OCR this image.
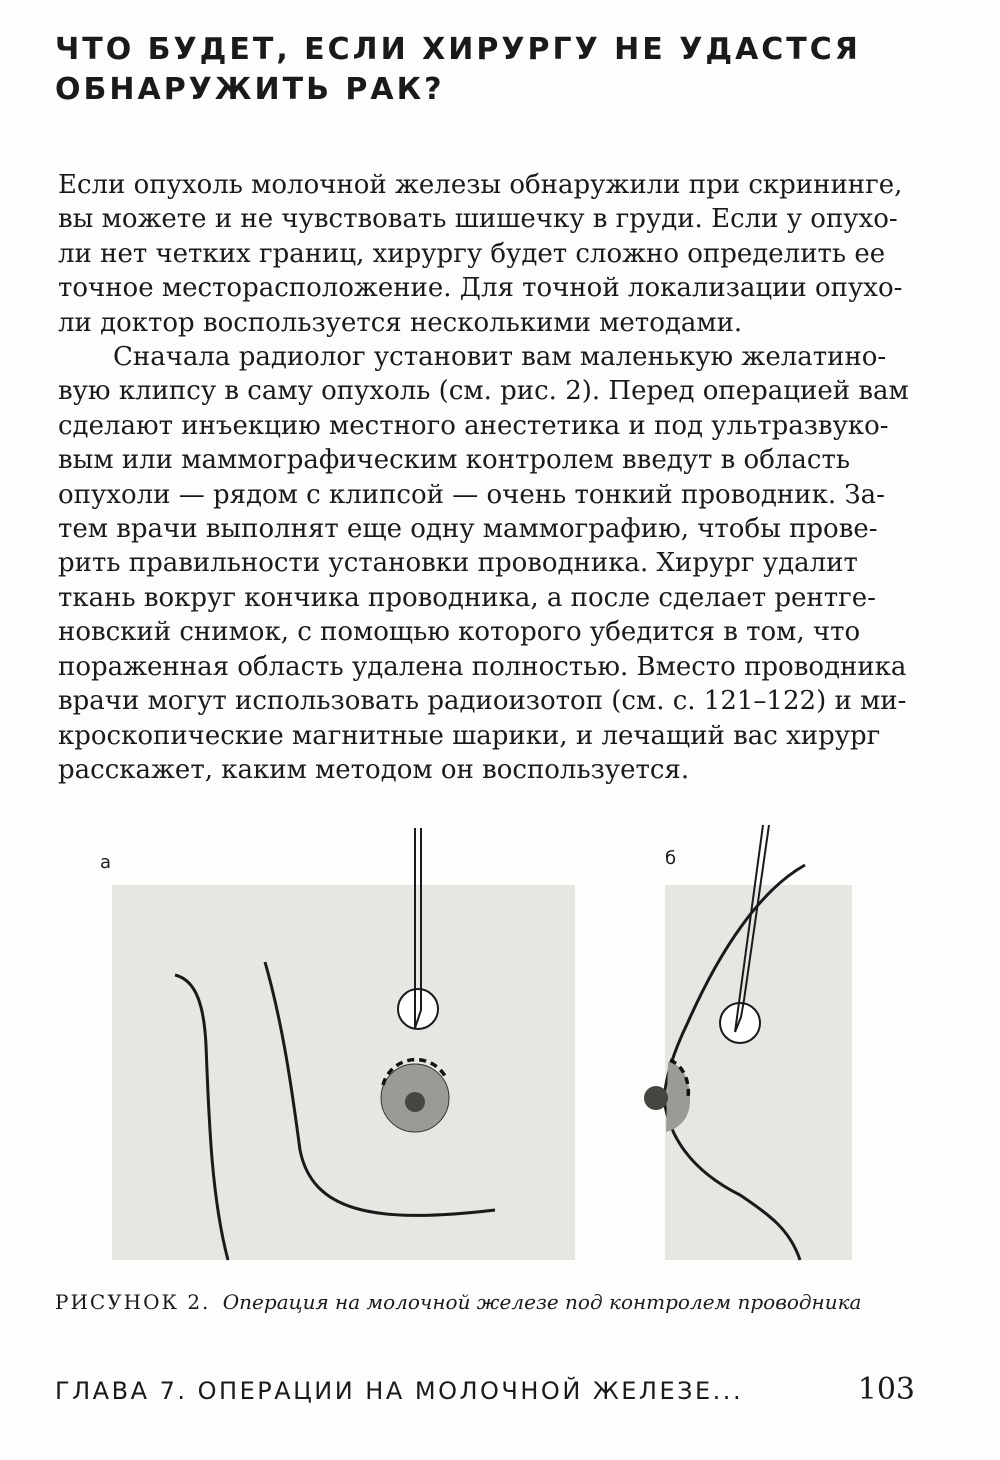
ЧТО БУДЕТ, ЕСЛИ ХИРУРГУ НЕ УДАСТСЯ
ОБНАРУЖИТЬ РАК?

Если опухоль молочной железы обнаружили при скрининге,
вы можете и не чувствовать шишечку в груди. Если у опухо-
ли нет четких границ, хирургу будет сложно определить ее
точное месторасположение. Для точной локализации опухо-
ли доктор воспользуется несколькими методами.

Сначала радиолог установит вам маленькую желатино-
вую клипсу в саму опухоль (см. рис. 2). Перед операцией вам
сделают инъекцию местного анестетика и под ультразвуко-
вым или маммографическим контролем введут в область
опухоли — рядом с клипсой — очень тонкий проводник. За-
тем врачи выполнят еще одну маммографию, чтобы прове-
рить правильности установки проводника. Хирург удалит
ткань вокруг кончика проводника, а после сделает рентге-
новский снимок, с помощью которого убедится в том, что
пораженная область удалена полностью. Вместо проводника
врачи могут использовать радиоизотоп (см. с. 121–122) и ми-
кроскопические магнитные шарики, и лечащий вас хирург
расскажет, каким методом он воспользуется.

а	б
РИСУНОК 2. Операция на молочной железе под контролем проводника
ГЛАВА 7. ОПЕРАЦИИ НА МОЛОЧНОЙ ЖЕЛЕЗЕ...	103
